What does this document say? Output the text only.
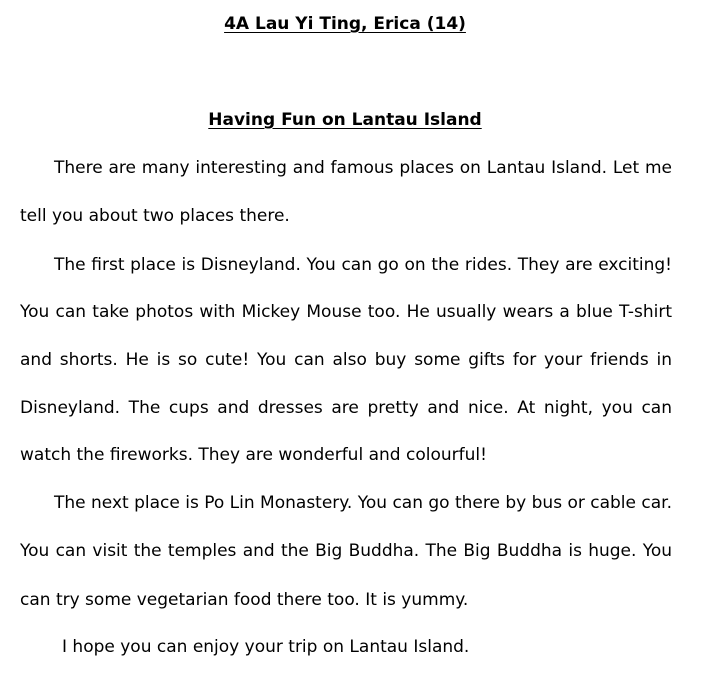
4A Lau Yi Ting, Erica (14)
Having Fun on Lantau Island
There are many interesting and famous places on Lantau Island. Let me
tell you about two places there.
The first place is Disneyland. You can go on the rides. They are exciting!
You can take photos with Mickey Mouse too. He usually wears a blue T-shirt
and shorts. He is so cute! You can also buy some gifts for your friends in
Disneyland. The cups and dresses are pretty and nice. At night, you can
watch the fireworks. They are wonderful and colourful!
The next place is Po Lin Monastery. You can go there by bus or cable car.
You can visit the temples and the Big Buddha. The Big Buddha is huge. You
can try some vegetarian food there too. It is yummy.
I hope you can enjoy your trip on Lantau Island.
